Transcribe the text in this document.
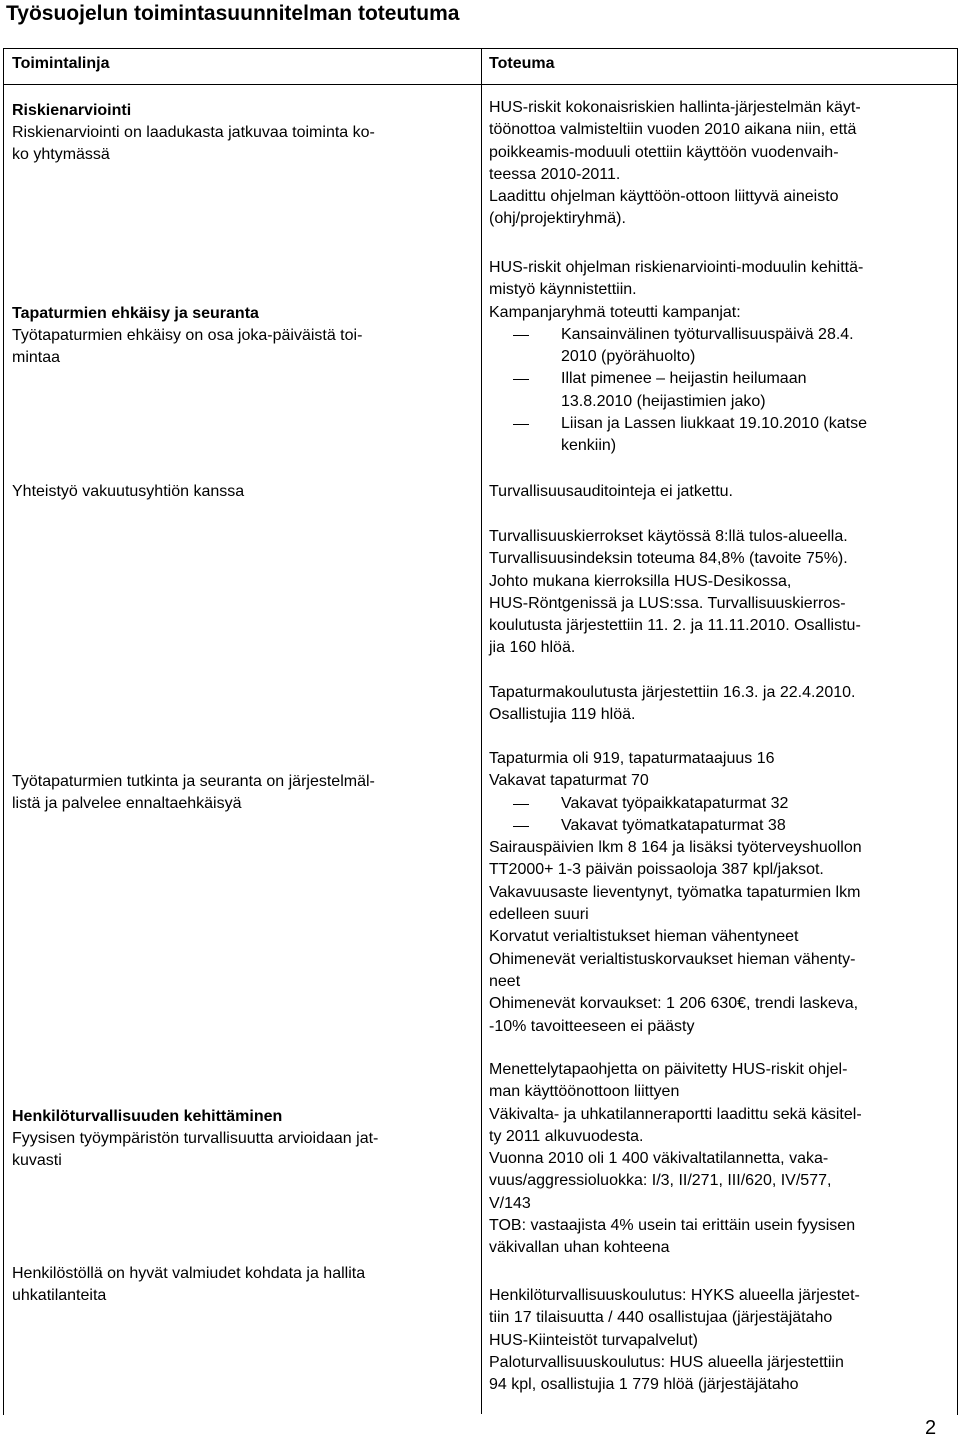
Työsuojelun toimintasuunnitelman toteutuma
Toimintalinja	Toteuma
Riskienarviointi
Riskienarviointi on laadukasta jatkuvaa toiminta ko-
ko yhtymässä
Tapaturmien ehkäisy ja seuranta
Työtapaturmien ehkäisy on osa joka-päiväistä toi-
mintaa
Yhteistyö vakuutusyhtiön kanssa
Työtapaturmien tutkinta ja seuranta on järjestelmäl-
listä ja palvelee ennaltaehkäisyä
Henkilöturvallisuuden kehittäminen
Fyysisen työympäristön turvallisuutta arvioidaan jat-
kuvasti
Henkilöstöllä on hyvät valmiudet kohdata ja hallita
uhkatilanteita
HUS-riskit kokonaisriskien hallinta-järjestelmän käyt-
töönottoa valmisteltiin vuoden 2010 aikana niin, että
poikkeamis-moduuli otettiin käyttöön vuodenvaih-
teessa 2010-2011.
Laadittu ohjelman käyttöön-ottoon liittyvä aineisto
(ohj/projektiryhmä).
HUS-riskit ohjelman riskienarviointi-moduulin kehittä-
mistyö käynnistettiin.
Kampanjaryhmä toteutti kampanjat:
Kansainvälinen työturvallisuuspäivä 28.4.
2010 (pyörähuolto)
Illat pimenee – heijastin heilumaan
13.8.2010 (heijastimien jako)
Liisan ja Lassen liukkaat 19.10.2010 (katse
kenkiin)
Turvallisuusauditointeja ei jatkettu.
Turvallisuuskierrokset käytössä 8:llä tulos-alueella.
Turvallisuusindeksin toteuma 84,8% (tavoite 75%).
Johto mukana kierroksilla HUS-Desikossa,
HUS-Röntgenissä ja LUS:ssa. Turvallisuuskierros-
koulutusta järjestettiin 11. 2. ja 11.11.2010. Osallistu-
jia 160 hlöä.
Tapaturmakoulutusta järjestettiin 16.3. ja 22.4.2010.
Osallistujia 119 hlöä.
Tapaturmia oli 919, tapaturmataajuus 16
Vakavat tapaturmat 70
Vakavat työpaikkatapaturmat 32
Vakavat työmatkatapaturmat 38
Sairauspäivien lkm 8 164 ja lisäksi työterveyshuollon
TT2000+ 1-3 päivän poissaoloja 387 kpl/jaksot.
Vakavuusaste lieventynyt, työmatka tapaturmien lkm
edelleen suuri
Korvatut verialtistukset hieman vähentyneet
Ohimenevät verialtistuskorvaukset hieman vähenty-
neet
Ohimenevät korvaukset: 1 206 630€, trendi laskeva,
-10% tavoitteeseen ei päästy
Menettelytapaohjetta on päivitetty HUS-riskit ohjel-
man käyttöönottoon liittyen
Väkivalta- ja uhkatilanneraportti laadittu sekä käsitel-
ty 2011 alkuvuodesta.
Vuonna 2010 oli 1 400 väkivaltatilannetta, vaka-
vuus/aggressioluokka: I/3, II/271, III/620, IV/577,
V/143
TOB: vastaajista 4% usein tai erittäin usein fyysisen
väkivallan uhan kohteena
Henkilöturvallisuuskoulutus: HYKS alueella järjestet-
tiin 17 tilaisuutta / 440 osallistujaa (järjestäjätaho
HUS-Kiinteistöt turvapalvelut)
Paloturvallisuuskoulutus: HUS alueella järjestettiin
94 kpl, osallistujia 1 779 hlöä (järjestäjätaho
2
